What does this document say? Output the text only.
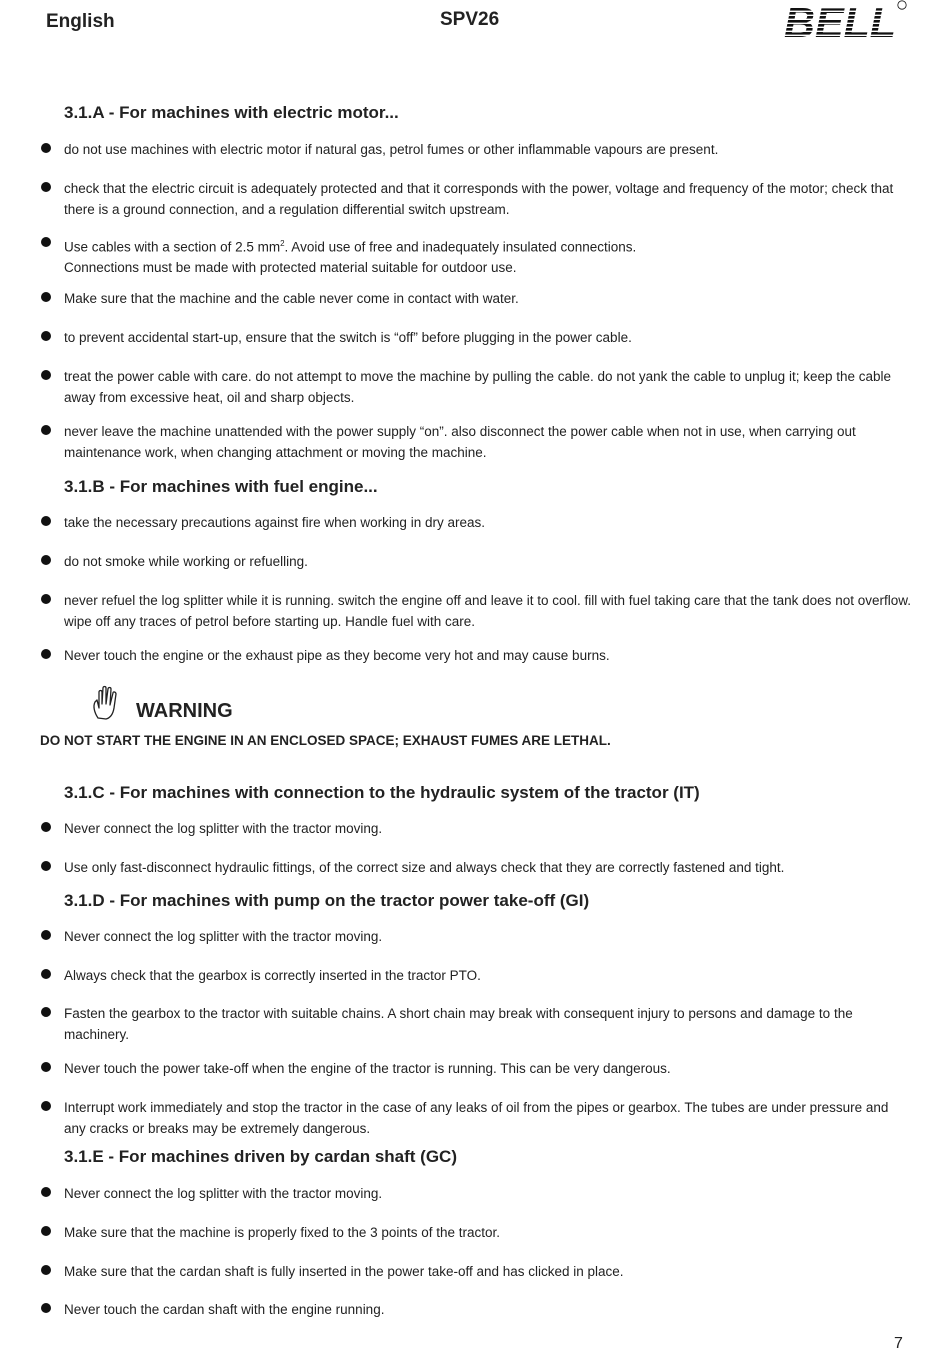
English	SPV26	BELL
3.1.A - For machines with electric motor...
do not use machines with electric motor if natural gas, petrol fumes or other inflammable vapours are present.
check that the electric circuit is adequately protected and that it corresponds with the power, voltage and frequency of the motor; check that there is a ground connection, and a regulation differential switch upstream.
Use cables with a section of 2.5 $mm^2$. Avoid use of free and inadequately insulated connections.
Connections must be made with protected material suitable for outdoor use.
Make sure that the machine and the cable never come in contact with water.
to prevent accidental start-up, ensure that the switch is “off” before plugging in the power cable.
treat the power cable with care. do not attempt to move the machine by pulling the cable. do not yank the cable to unplug it; keep the cable away from excessive heat, oil and sharp objects.
never leave the machine unattended with the power supply “on”. also disconnect the power cable when not in use, when carrying out maintenance work, when changing attachment or moving the machine.
3.1.B - For machines with fuel engine...
take the necessary precautions against fire when working in dry areas.
do not smoke while working or refuelling.
never refuel the log splitter while it is running. switch the engine off and leave it to cool. fill with fuel taking care that the tank does not overflow. wipe off any traces of petrol before starting up. Handle fuel with care.
Never touch the engine or the exhaust pipe as they become very hot and may cause burns.
WARNING
DO NOT START THE ENGINE IN AN ENCLOSED SPACE; EXHAUST FUMES ARE LETHAL.
3.1.C - For machines with connection to the hydraulic system of the tractor (IT)
Never connect the log splitter with the tractor moving.
Use only fast-disconnect hydraulic fittings, of the correct size and always check that they are correctly fastened and tight.
3.1.D - For machines with pump on the tractor power take-off (GI)
Never connect the log splitter with the tractor moving.
Always check that the gearbox is correctly inserted in the tractor PTO.
Fasten the gearbox to the tractor with suitable chains. A short chain may break with consequent injury to persons and damage to the machinery.
Never touch the power take-off when the engine of the tractor is running. This can be very dangerous.
Interrupt work immediately and stop the tractor in the case of any leaks of oil from the pipes or gearbox. The tubes are under pressure and any cracks or breaks may be extremely dangerous.
3.1.E - For machines driven by cardan shaft (GC)
Never connect the log splitter with the tractor moving.
Make sure that the machine is properly fixed to the 3 points of the tractor.
Make sure that the cardan shaft is fully inserted in the power take-off and has clicked in place.
Never touch the cardan shaft with the engine running.
7
